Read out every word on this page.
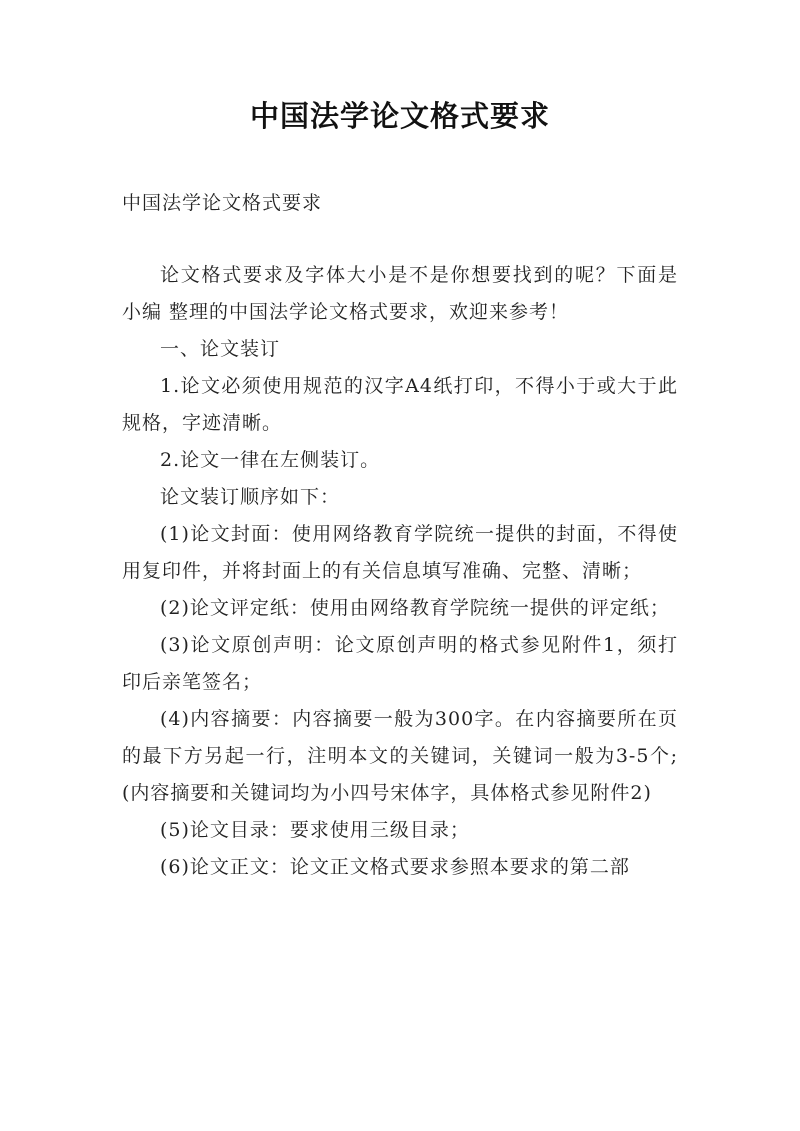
中国法学论文格式要求
中国法学论文格式要求

论文格式要求及字体大小是不是你想要找到的呢？下面是小编 整理的中国法学论文格式要求，欢迎来参考！

一、论文装订

1.论文必须使用规范的汉字A4纸打印，不得小于或大于此规格，字迹清晰。

2.论文一律在左侧装订。

论文装订顺序如下：

(1)论文封面：使用网络教育学院统一提供的封面，不得使用复印件，并将封面上的有关信息填写准确、完整、清晰；

(2)论文评定纸：使用由网络教育学院统一提供的评定纸；

(3)论文原创声明：论文原创声明的格式参见附件1，须打印后亲笔签名；

(4)内容摘要：内容摘要一般为300字。在内容摘要所在页的最下方另起一行，注明本文的关键词，关键词一般为3-5个;(内容摘要和关键词均为小四号宋体字，具体格式参见附件2)

(5)论文目录：要求使用三级目录；

(6)论文正文：论文正文格式要求参照本要求的第二部
